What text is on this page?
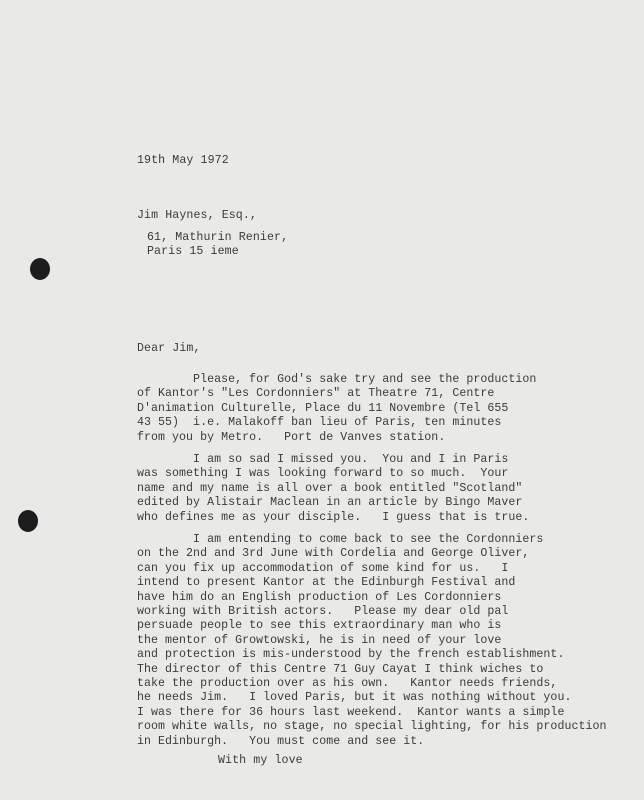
19th May 1972
Jim Haynes, Esq.,
61, Mathurin Renier,
Paris 15 ieme
Dear Jim,
Please, for God's sake try and see the production
of Kantor's "Les Cordonniers" at Theatre 71, Centre
D'animation Culturelle, Place du 11 Novembre (Tel 655
43 55)  i.e. Malakoff ban lieu of Paris, ten minutes
from you by Metro.   Port de Vanves station.
I am so sad I missed you.  You and I in Paris
was something I was looking forward to so much.  Your
name and my name is all over a book entitled "Scotland"
edited by Alistair Maclean in an article by Bingo Maver
who defines me as your disciple.   I guess that is true.
I am entending to come back to see the Cordonniers
on the 2nd and 3rd June with Cordelia and George Oliver,
can you fix up accommodation of some kind for us.   I
intend to present Kantor at the Edinburgh Festival and
have him do an English production of Les Cordonniers
working with British actors.   Please my dear old pal
persuade people to see this extraordinary man who is
the mentor of Growtowski, he is in need of your love
and protection is mis-understood by the french establishment.
The director of this Centre 71 Guy Cayat I think wiches to
take the production over as his own.   Kantor needs friends,
he needs Jim.   I loved Paris, but it was nothing without you.
I was there for 36 hours last weekend.  Kantor wants a simple
room white walls, no stage, no special lighting, for his production
in Edinburgh.   You must come and see it.
With my love
